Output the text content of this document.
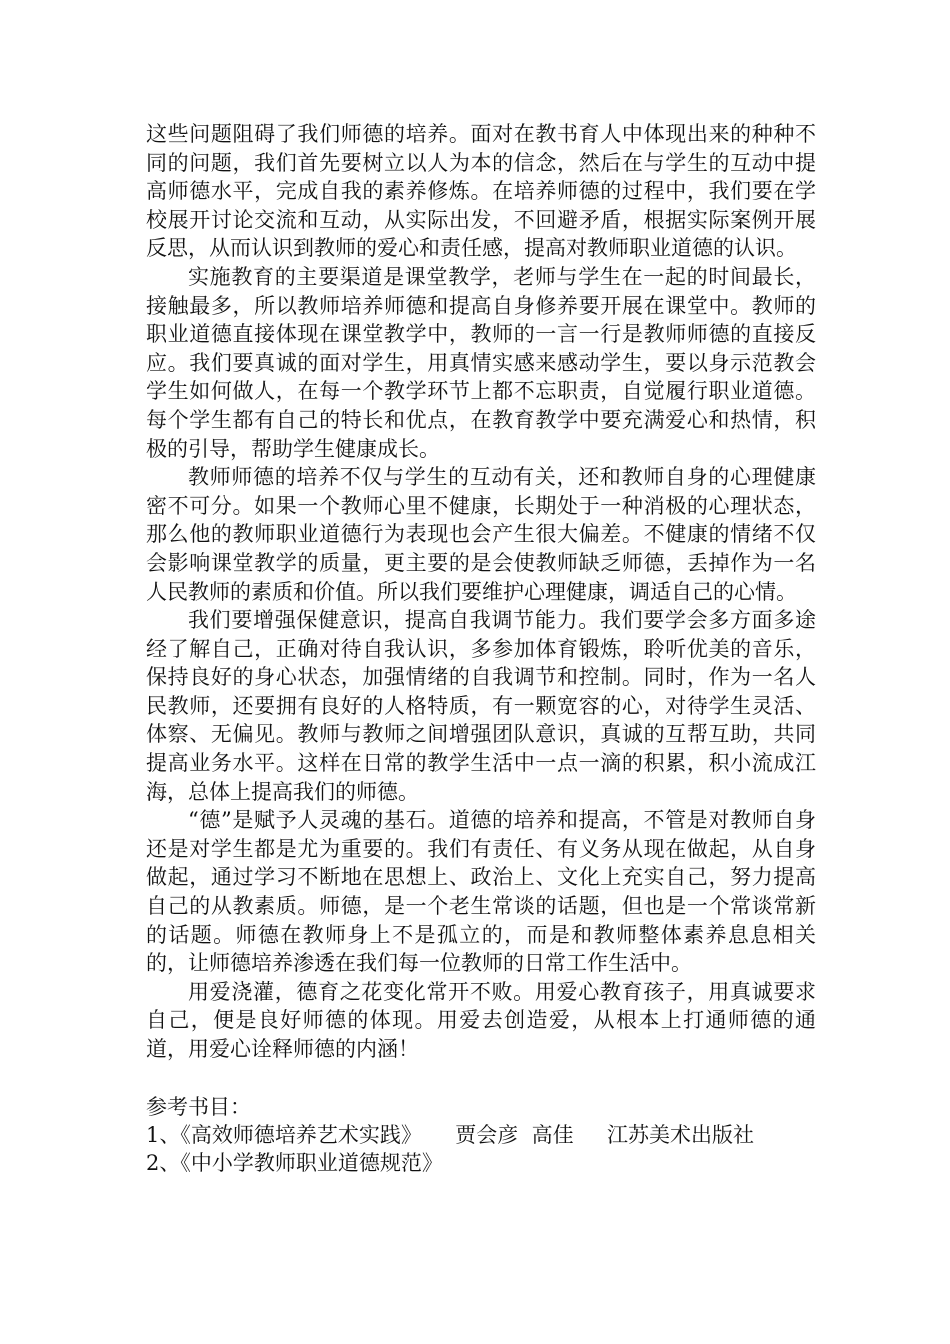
这些问题阻碍了我们师德的培养。面对在教书育人中体现出来的种种不同的问题，我们首先要树立以人为本的信念，然后在与学生的互动中提高师德水平，完成自我的素养修炼。在培养师德的过程中，我们要在学校展开讨论交流和互动，从实际出发，不回避矛盾，根据实际案例开展反思，从而认识到教师的爱心和责任感，提高对教师职业道德的认识。

实施教育的主要渠道是课堂教学，老师与学生在一起的时间最长，接触最多，所以教师培养师德和提高自身修养要开展在课堂中。教师的职业道德直接体现在课堂教学中，教师的一言一行是教师师德的直接反应。我们要真诚的面对学生，用真情实感来感动学生，要以身示范教会学生如何做人，在每一个教学环节上都不忘职责，自觉履行职业道德。每个学生都有自己的特长和优点，在教育教学中要充满爱心和热情，积极的引导，帮助学生健康成长。

教师师德的培养不仅与学生的互动有关，还和教师自身的心理健康密不可分。如果一个教师心里不健康，长期处于一种消极的心理状态，那么他的教师职业道德行为表现也会产生很大偏差。不健康的情绪不仅会影响课堂教学的质量，更主要的是会使教师缺乏师德，丢掉作为一名人民教师的素质和价值。所以我们要维护心理健康，调适自己的心情。

我们要增强保健意识，提高自我调节能力。我们要学会多方面多途经了解自己，正确对待自我认识，多参加体育锻炼，聆听优美的音乐，保持良好的身心状态，加强情绪的自我调节和控制。同时，作为一名人民教师，还要拥有良好的人格特质，有一颗宽容的心，对待学生灵活、体察、无偏见。教师与教师之间增强团队意识，真诚的互帮互助，共同提高业务水平。这样在日常的教学生活中一点一滴的积累，积小流成江海，总体上提高我们的师德。

“德”是赋予人灵魂的基石。道德的培养和提高，不管是对教师自身还是对学生都是尤为重要的。我们有责任、有义务从现在做起，从自身做起，通过学习不断地在思想上、政治上、文化上充实自己，努力提高自己的从教素质。师德，是一个老生常谈的话题，但也是一个常谈常新的话题。师德在教师身上不是孤立的，而是和教师整体素养息息相关的，让师德培养渗透在我们每一位教师的日常工作生活中。

用爱浇灌，德育之花变化常开不败。用爱心教育孩子，用真诚要求自己，便是良好师德的体现。用爱去创造爱，从根本上打通师德的通道，用爱心诠释师德的内涵！

参考书目：

1、《高效师德培养艺术实践》     贾会彦  高佳     江苏美术出版社

2、《中小学教师职业道德规范》
